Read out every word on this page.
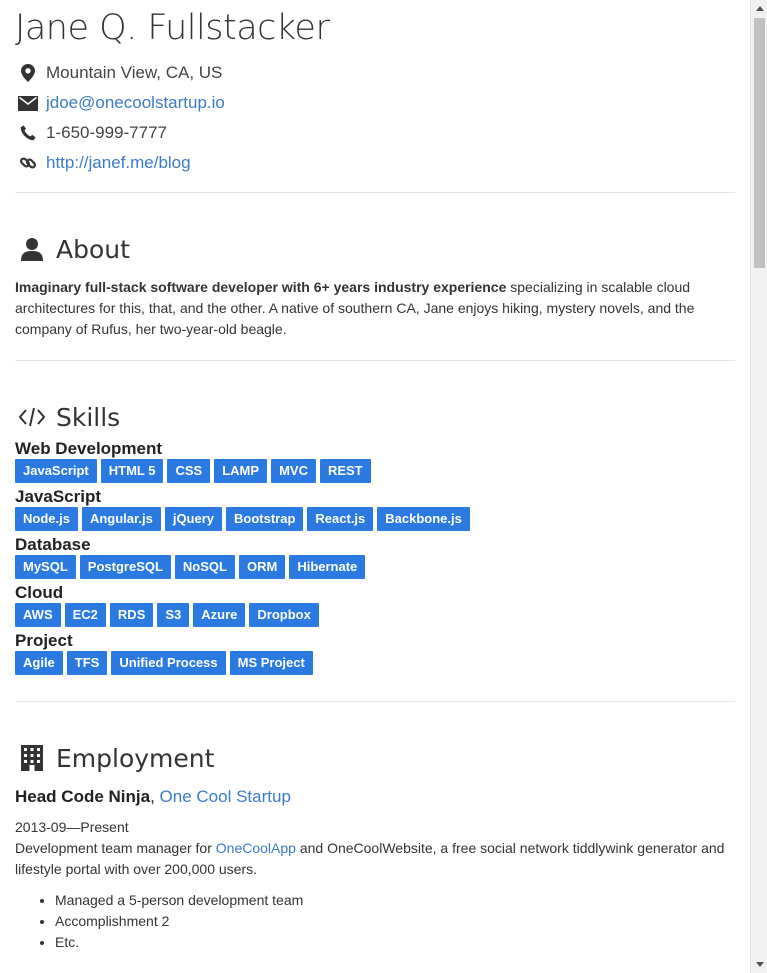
Jane Q. Fullstacker
Mountain View, CA, US
jdoe@onecoolstartup.io
1-650-999-7777
http://janef.me/blog
About

Imaginary full-stack software developer with 6+ years industry experience specializing in scalable cloud architectures for this, that, and the other. A native of southern CA, Jane enjoys hiking, mystery novels, and the company of Rufus, her two-year-old beagle.

Skills

Web Development

JavaScript	HTML 5	CSS	LAMP	MVC	REST

JavaScript

Node.js	Angular.js	jQuery	Bootstrap	React.js	Backbone.js

Database

MySQL	PostgreSQL	NoSQL	ORM	Hibernate

Cloud

AWS	EC2	RDS	S3	Azure	Dropbox

Project

Agile	TFS	Unified Process	MS Project
Employment

Head Code Ninja, One Cool Startup

2013-09—Present

Development team manager for OneCoolApp and OneCoolWebsite, a free social network tiddlywink generator and lifestyle portal with over 200,000 users.

• Managed a 5-person development team
• Accomplishment 2
• Etc.
